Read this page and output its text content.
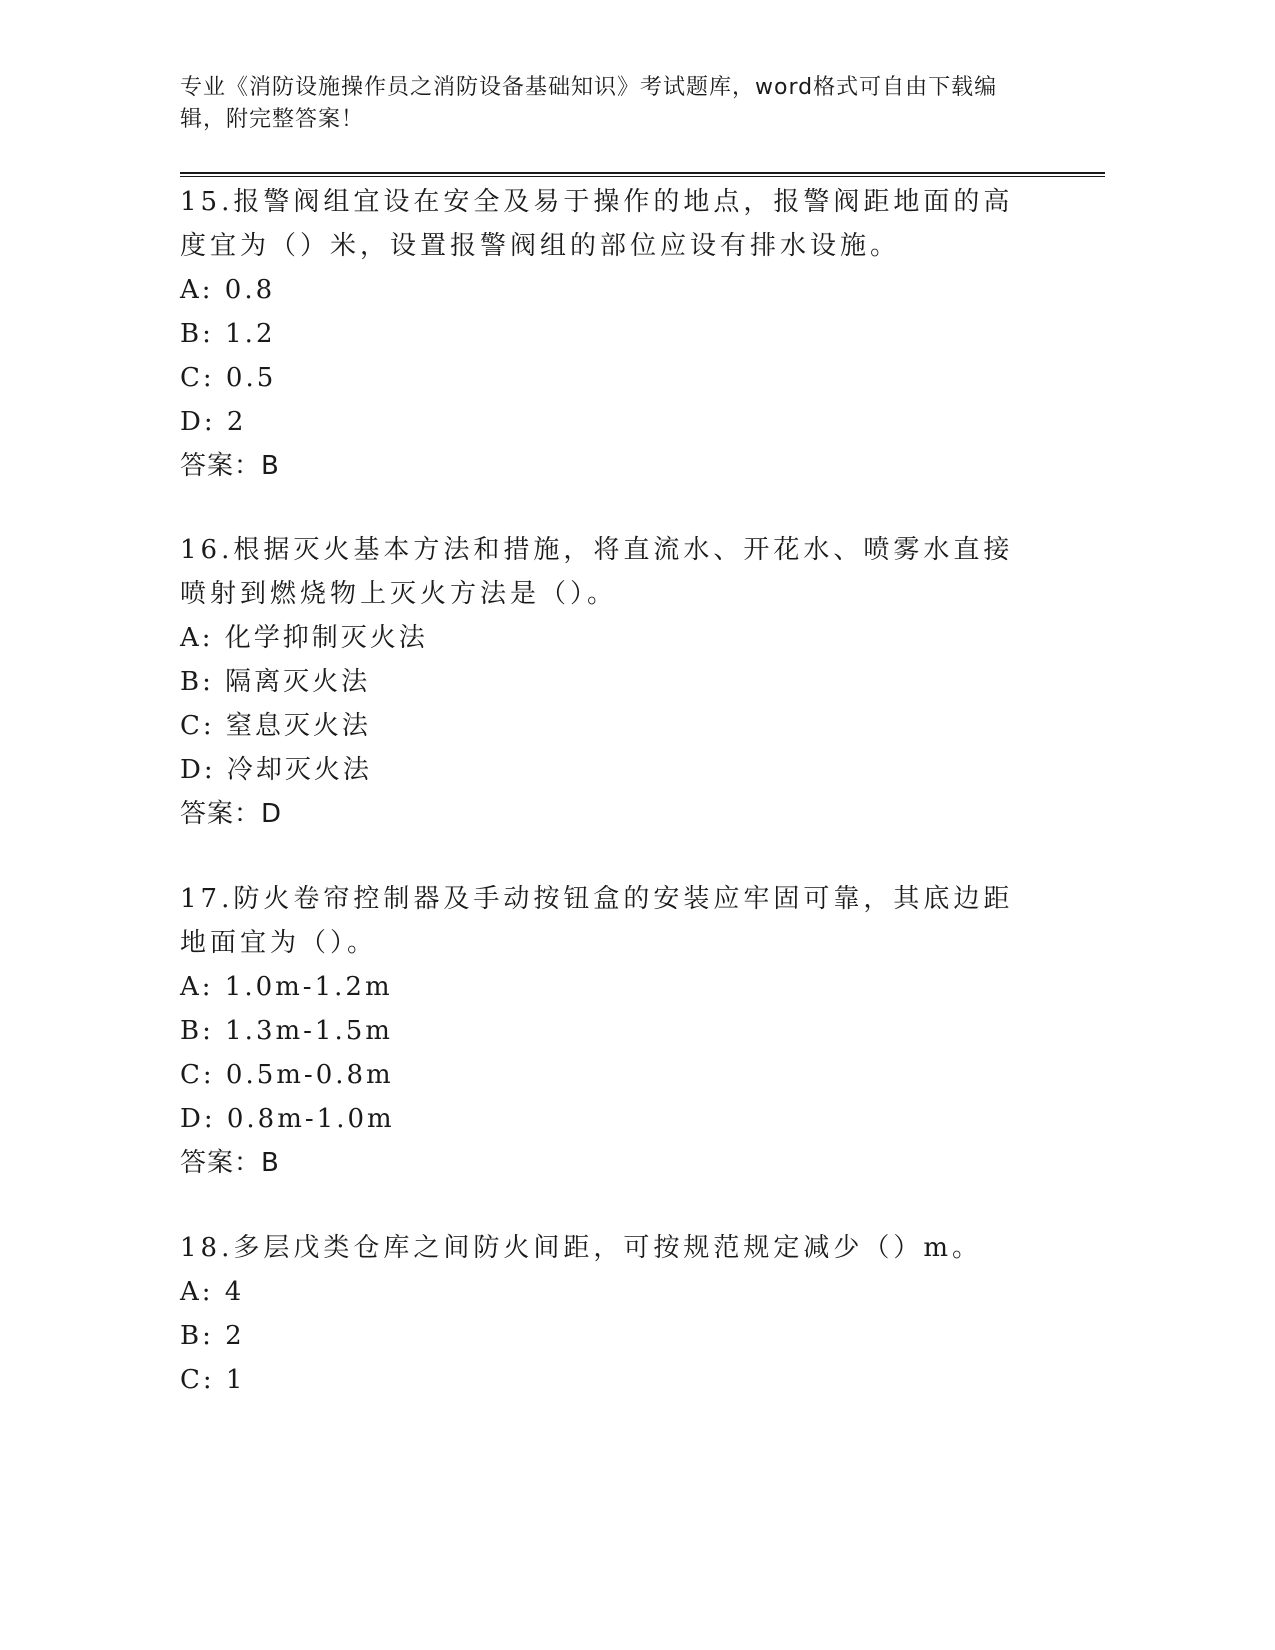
专业《消防设施操作员之消防设备基础知识》考试题库，word格式可自由下载编辑，附完整答案！

15.报警阀组宜设在安全及易于操作的地点，报警阀距地面的高度宜为（）米，设置报警阀组的部位应设有排水设施。

A: 0.8

B: 1.2

C: 0.5

D: 2

答案：B

16.根据灭火基本方法和措施，将直流水、开花水、喷雾水直接喷射到燃烧物上灭火方法是（）。

A: 化学抑制灭火法

B: 隔离灭火法

C: 窒息灭火法

D: 冷却灭火法

答案：D

17.防火卷帘控制器及手动按钮盒的安装应牢固可靠，其底边距地面宜为（）。

A: 1.0m-1.2m

B: 1.3m-1.5m

C: 0.5m-0.8m

D: 0.8m-1.0m

答案：B

18.多层戊类仓库之间防火间距，可按规范规定减少（）m。

A: 4

B: 2

C: 1
